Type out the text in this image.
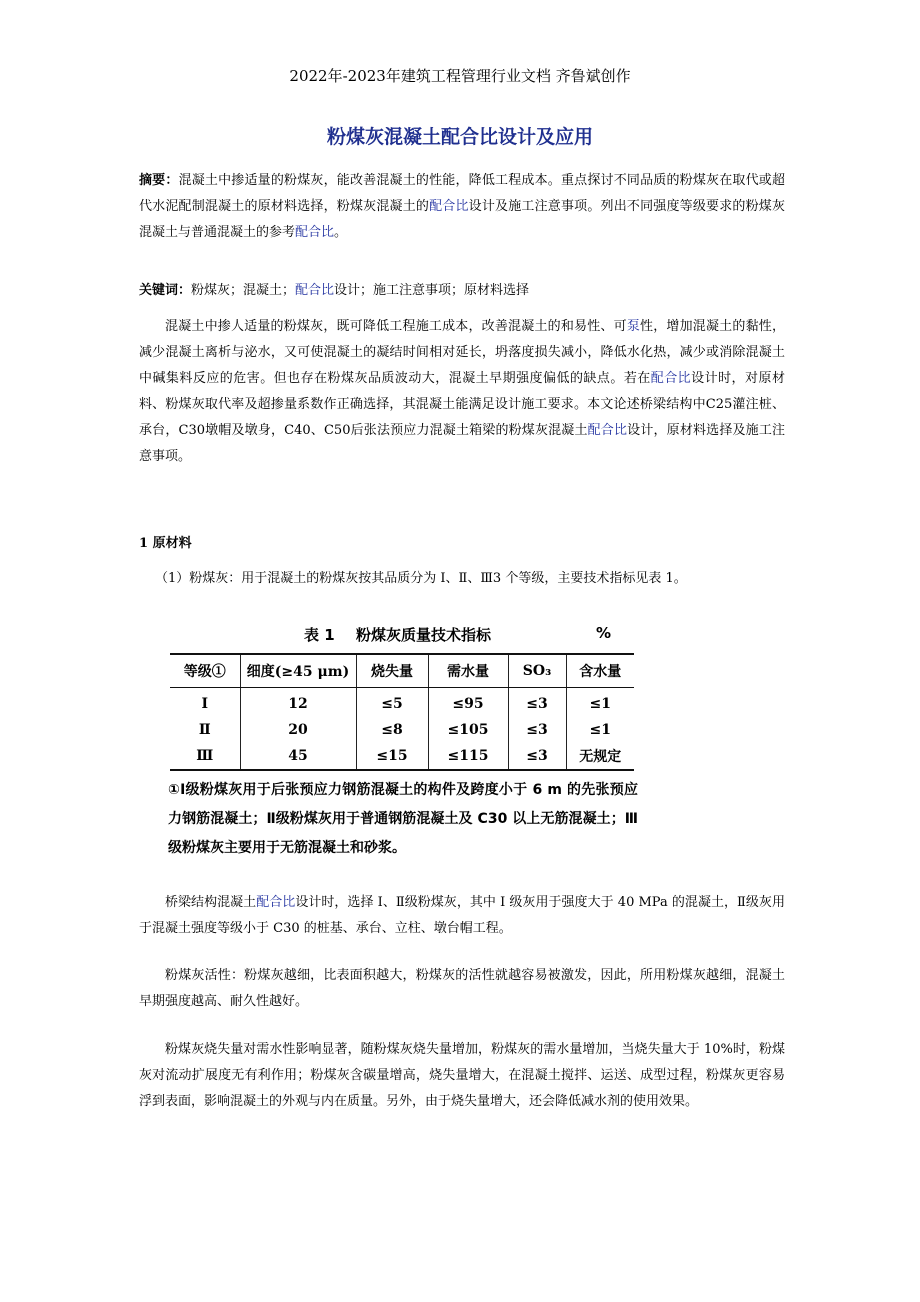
2022年-2023年建筑工程管理行业文档 齐鲁斌创作
粉煤灰混凝土配合比设计及应用

摘要：混凝土中掺适量的粉煤灰，能改善混凝土的性能，降低工程成本。重点探讨不同品质的粉煤灰在取代或超代水泥配制混凝土的原材料选择，粉煤灰混凝土的配合比设计及施工注意事项。列出不同强度等级要求的粉煤灰混凝土与普通混凝土的参考配合比。

关键词：粉煤灰；混凝土；配合比设计；施工注意事项；原材料选择

混凝土中掺人适量的粉煤灰，既可降低工程施工成本，改善混凝土的和易性、可泵性，增加混凝土的黏性，减少混凝土离析与泌水，又可使混凝土的凝结时间相对延长，坍落度损失减小，降低水化热，减少或消除混凝土中碱集料反应的危害。但也存在粉煤灰品质波动大，混凝土早期强度偏低的缺点。若在配合比设计时，对原材料、粉煤灰取代率及超掺量系数作正确选择，其混凝土能满足设计施工要求。本文论述桥梁结构中C25灌注桩、承台，C30墩帽及墩身，C40、C50后张法预应力混凝土箱梁的粉煤灰混凝土配合比设计，原材料选择及施工注意事项。

1 原材料

（1）粉煤灰：用于混凝土的粉煤灰按其品质分为 I、Ⅱ、Ⅲ3 个等级，主要技术指标见表 1。

表 1 粉煤灰质量技术指标	%
等级①	细度(≥45 μm)	烧失量	需水量	SO₃	含水量
Ⅰ	12	≤5	≤95	≤3	≤1
Ⅱ	20	≤8	≤105	≤3	≤1
Ⅲ	45	≤15	≤115	≤3	无规定

①Ⅰ级粉煤灰用于后张预应力钢筋混凝土的构件及跨度小于 6 m 的先张预应力钢筋混凝土；Ⅱ级粉煤灰用于普通钢筋混凝土及 C30 以上无筋混凝土；Ⅲ级粉煤灰主要用于无筋混凝土和砂浆。

桥梁结构混凝土配合比设计时，选择 I、Ⅱ级粉煤灰，其中 I 级灰用于强度大于 40 MPa 的混凝土，Ⅱ级灰用于混凝土强度等级小于 C30 的桩基、承台、立柱、墩台帽工程。

粉煤灰活性：粉煤灰越细，比表面积越大，粉煤灰的活性就越容易被激发，因此，所用粉煤灰越细，混凝土早期强度越高、耐久性越好。

粉煤灰烧失量对需水性影响显著，随粉煤灰烧失量增加，粉煤灰的需水量增加，当烧失量大于 10%时，粉煤灰对流动扩展度无有利作用；粉煤灰含碳量增高，烧失量增大，在混凝土搅拌、运送、成型过程，粉煤灰更容易浮到表面，影响混凝土的外观与内在质量。另外，由于烧失量增大，还会降低减水剂的使用效果。
